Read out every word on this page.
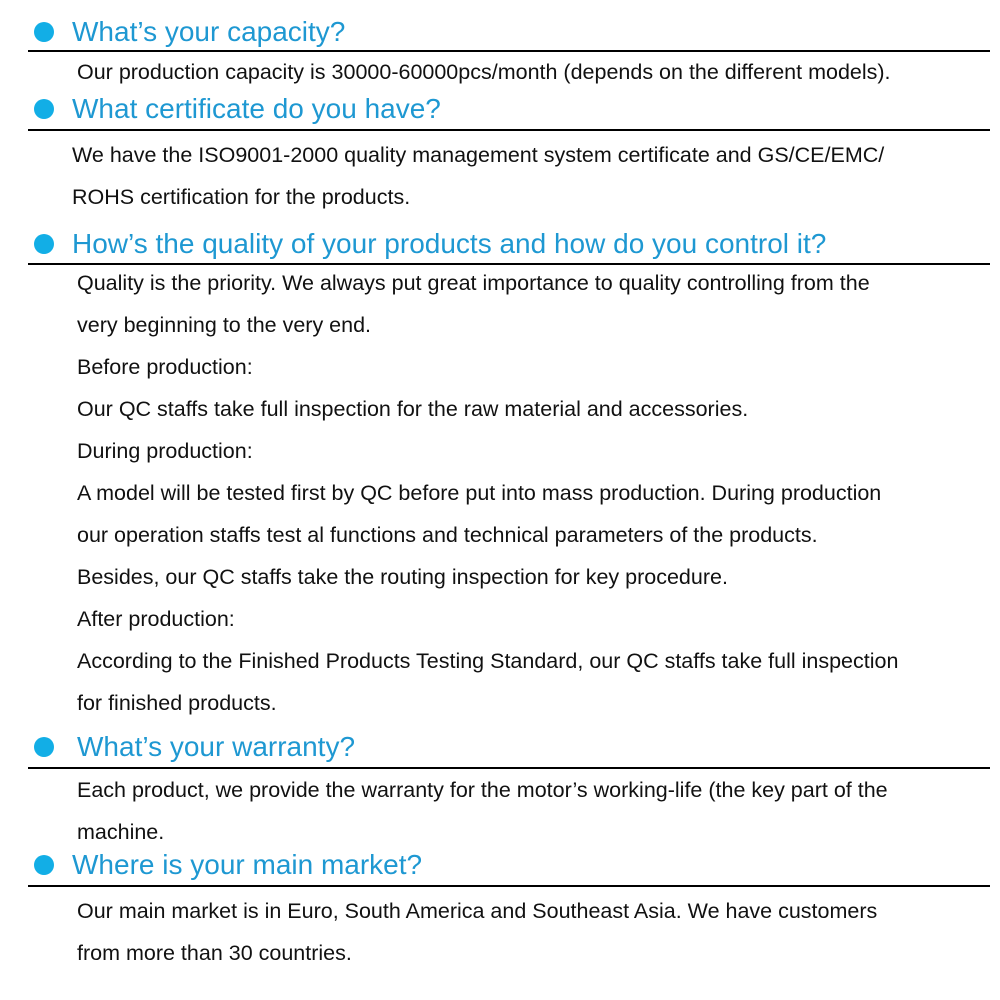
What’s your capacity?
Our production capacity is 30000-60000pcs/month (depends on the different models).
What certificate do you have?
We have the ISO9001-2000 quality management system certificate and GS/CE/EMC/
ROHS certification for the products.
How’s the quality of your products and how do you control it?
Quality is the priority. We always put great importance to quality controlling from the
very beginning to the very end.
Before production:
Our QC staffs take full inspection for the raw material and accessories.
During production:
A model will be tested first by QC before put into mass production. During production
our operation staffs test al functions and technical parameters of the products.
Besides, our QC staffs take the routing inspection for key procedure.
After production:
According to the Finished Products Testing Standard, our QC staffs take full inspection
for finished products.
What’s your warranty?
Each product, we provide the warranty for the motor’s working-life (the key part of the
machine.
Where is your main market?
Our main market is in Euro, South America and Southeast Asia. We have customers
from more than 30 countries.
